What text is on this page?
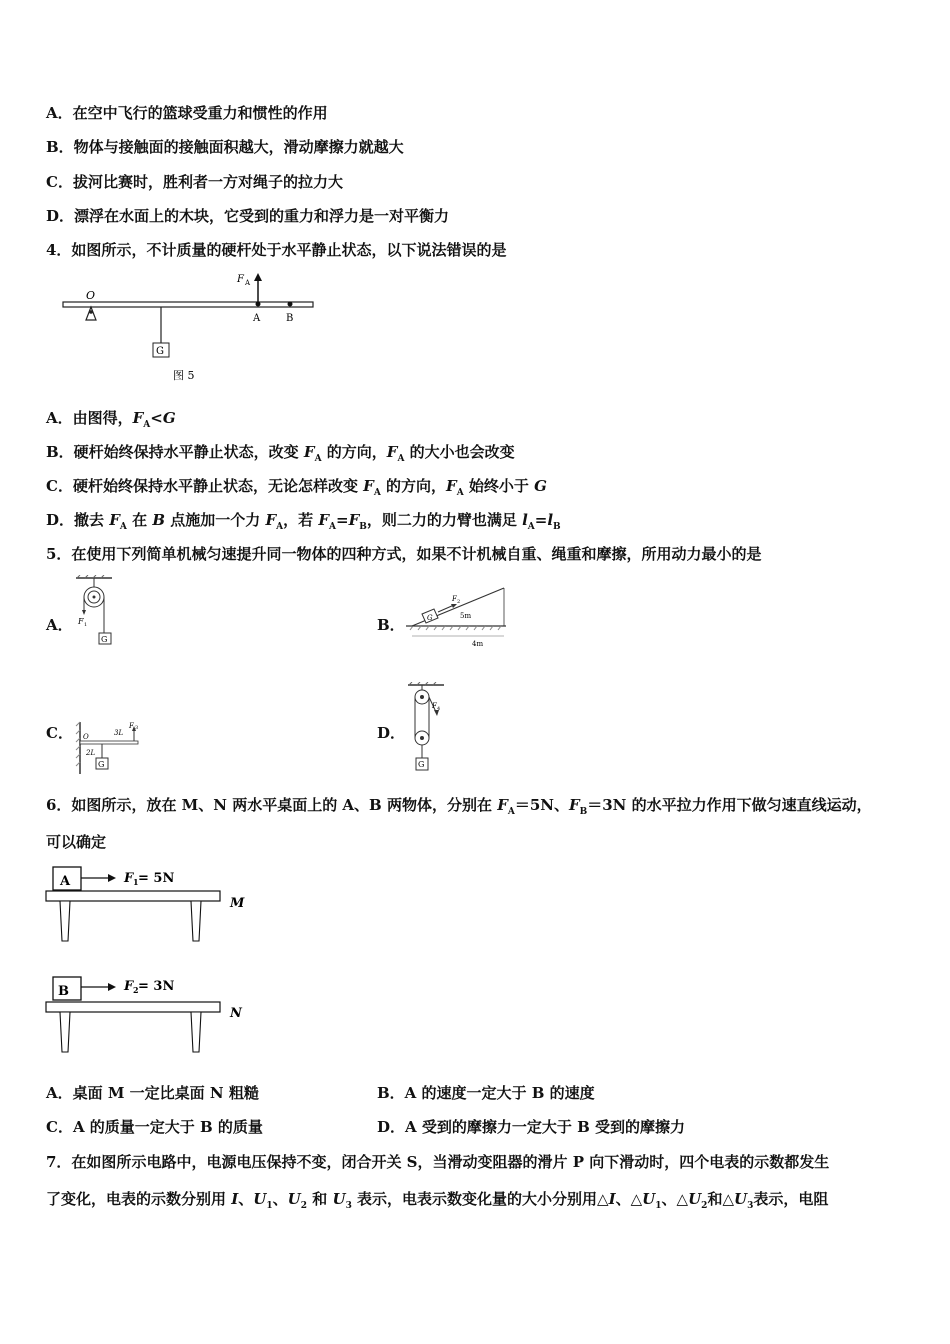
A．在空中飞行的篮球受重力和惯性的作用
B．物体与接触面的接触面积越大，滑动摩擦力就越大
C．拔河比赛时，胜利者一方对绳子的拉力大
D．漂浮在水面上的木块，它受到的重力和浮力是一对平衡力
4．如图所示，不计质量的硬杆处于水平静止状态，以下说法错误的是
O
G
F A
A	B
图 5
A．由图得，$F_A<G$
B．硬杆始终保持水平静止状态，改变 $F_A$ 的方向，$F_A$ 的大小也会改变
C．硬杆始终保持水平静止状态，无论怎样改变 $F_A$ 的方向，$F_A$ 始终小于 G
D．撤去 $F_A$ 在 B 点施加一个力 $F_A$，若 $F_A=F_B$，则二力的力臂也满足 $l_A=l_B$
5．在使用下列简单机械匀速提升同一物体的四种方式，如果不计机械自重、绳重和摩擦，所用动力最小的是
A． F 1
G
B．	G
F 2
5m
4m
C． O	3L
F 3
2L
G
D．
F 4
G
6．如图所示，放在 M、N 两水平桌面上的 A、B 两物体，分别在 $F_A=5N$、$F_B=3N$ 的水平拉力作用下做匀速直线运动，
可以确定
A	F 1 = 5N
M
B	F 2 = 3N
N
A．桌面 M 一定比桌面 N 粗糙	B．A 的速度一定大于 B 的速度
C．A 的质量一定大于 B 的质量	D．A 受到的摩擦力一定大于 B 受到的摩擦力
7．在如图所示电路中，电源电压保持不变，闭合开关 S，当滑动变阻器的滑片 P 向下滑动时，四个电表的示数都发生
了变化，电表的示数分别用 I、$U_1$、$U_2$ 和 $U_3$ 表示，电表示数变化量的大小分别用△I、$\triangle U_1$、$\triangle U_2$和$\triangle U_3$表示，电阻
